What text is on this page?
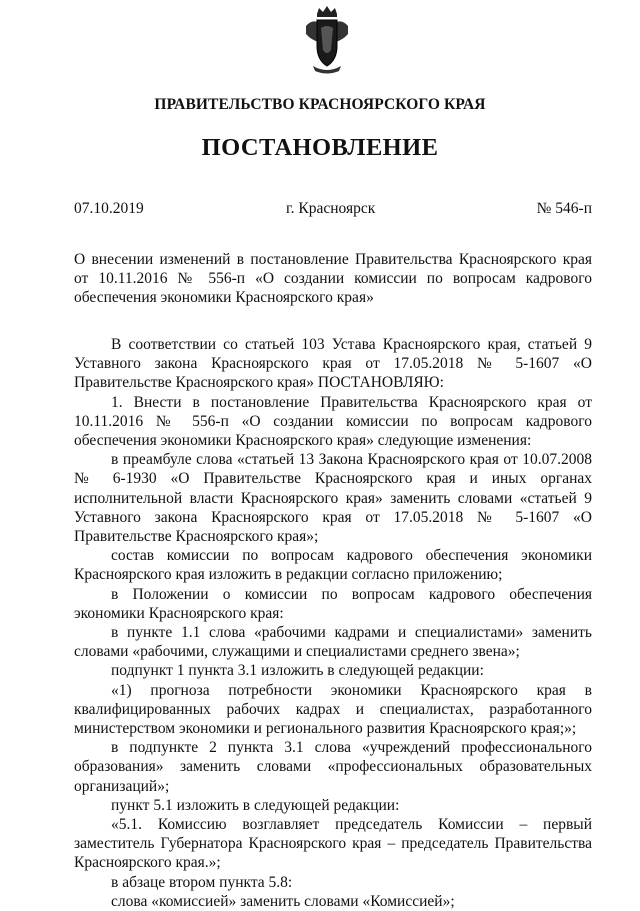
ПРАВИТЕЛЬСТВО КРАСНОЯРСКОГО КРАЯ
ПОСТАНОВЛЕНИЕ
07.10.2019	г. Красноярск	№ 546-п
О внесении изменений в постановление Правительства Красноярского края от 10.11.2016 № 556-п «О создании комиссии по вопросам кадрового обеспечения экономики Красноярского края»

В соответствии со статьей 103 Устава Красноярского края, статьей 9 Уставного закона Красноярского края от 17.05.2018 № 5-1607 «О Правительстве Красноярского края» ПОСТАНОВЛЯЮ:

1. Внести в постановление Правительства Красноярского края от 10.11.2016 № 556-п «О создании комиссии по вопросам кадрового обеспечения экономики Красноярского края» следующие изменения:

в преамбуле слова «статьей 13 Закона Красноярского края от 10.07.2008 № 6-1930 «О Правительстве Красноярского края и иных органах исполнительной власти Красноярского края» заменить словами «статьей 9 Уставного закона Красноярского края от 17.05.2018 № 5-1607 «О Правительстве Красноярского края»;

состав комиссии по вопросам кадрового обеспечения экономики Красноярского края изложить в редакции согласно приложению;

в Положении о комиссии по вопросам кадрового обеспечения экономики Красноярского края:

в пункте 1.1 слова «рабочими кадрами и специалистами» заменить словами «рабочими, служащими и специалистами среднего звена»;

подпункт 1 пункта 3.1 изложить в следующей редакции:

«1) прогноза потребности экономики Красноярского края в квалифицированных рабочих кадрах и специалистах, разработанного министерством экономики и регионального развития Красноярского края;»;

в подпункте 2 пункта 3.1 слова «учреждений профессионального образования» заменить словами «профессиональных образовательных организаций»;

пункт 5.1 изложить в следующей редакции:

«5.1. Комиссию возглавляет председатель Комиссии – первый заместитель Губернатора Красноярского края – председатель Правительства Красноярского края.»;

в абзаце втором пункта 5.8:

слова «комиссией» заменить словами «Комиссией»;
